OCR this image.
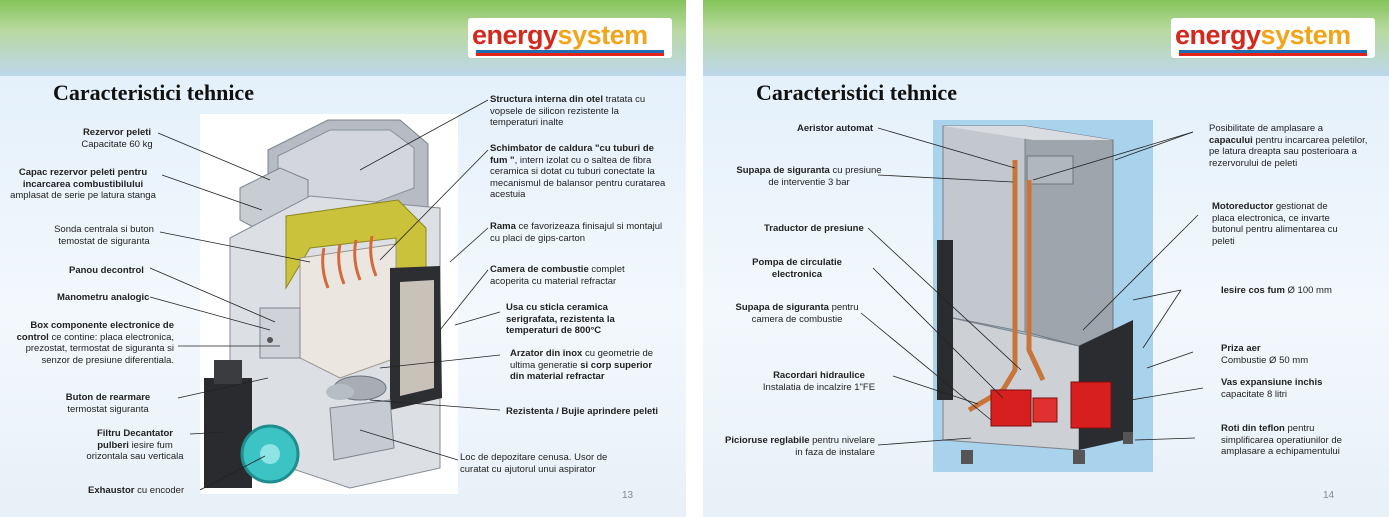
energysystem
Caracteristici tehnice
Rezervor peleti
Capacitate 60 kg
Capac rezervor peleti pentru incarcarea combustibilului
amplasat de serie pe latura stanga
Sonda centrala si buton temostat de siguranta
Panou decontrol
Manometru analogic
Box componente electronice de control ce contine: placa electronica, prezostat, termostat de siguranta si senzor de presiune diferentiala.
Buton de rearmare
termostat siguranta
Filtru Decantator pulberi iesire fum orizontala sau verticala
Exhaustor cu encoder
Structura interna din otel tratata cu vopsele de silicon rezistente la temperaturi inalte
Schimbator de caldura "cu tuburi de fum ", intern izolat cu o saltea de fibra ceramica si dotat cu tuburi conectate la mecanismul de balansor pentru curatarea acestuia
Rama ce favorizeaza finisajul si montajul cu placi de gips-carton
Camera de combustie complet acoperita cu material refractar
Usa cu sticla ceramica serigrafata, rezistenta la temperaturi de 800°C
Arzator din inox cu geometrie de ultima generatie si corp superior din material refractar
Rezistenta / Bujie aprindere peleti
Loc de depozitare cenusa. Usor de curatat cu ajutorul unui aspirator
13
energysystem
Caracteristici tehnice
Aeristor automat
Supapa de siguranta cu presiune de interventie 3 bar
Traductor de presiune
Pompa de circulatie electronica
Supapa de siguranta pentru camera de combustie
Racordari hidraulice
Instalatia de incalzire 1"FE
Picioruse reglabile pentru nivelare in faza de instalare
Posibilitate de amplasare a capacului pentru incarcarea peletilor, pe latura dreapta sau posterioara a rezervorului de peleti
Motoreductor gestionat de placa electronica, ce invarte butonul pentru alimentarea cu peleti
Iesire cos fum Ø 100 mm
Priza aer
Combustie Ø 50 mm
Vas expansiune inchis
capacitate 8 litri
Roti din teflon pentru simplificarea operatiunilor de amplasare a echipamentului
14
